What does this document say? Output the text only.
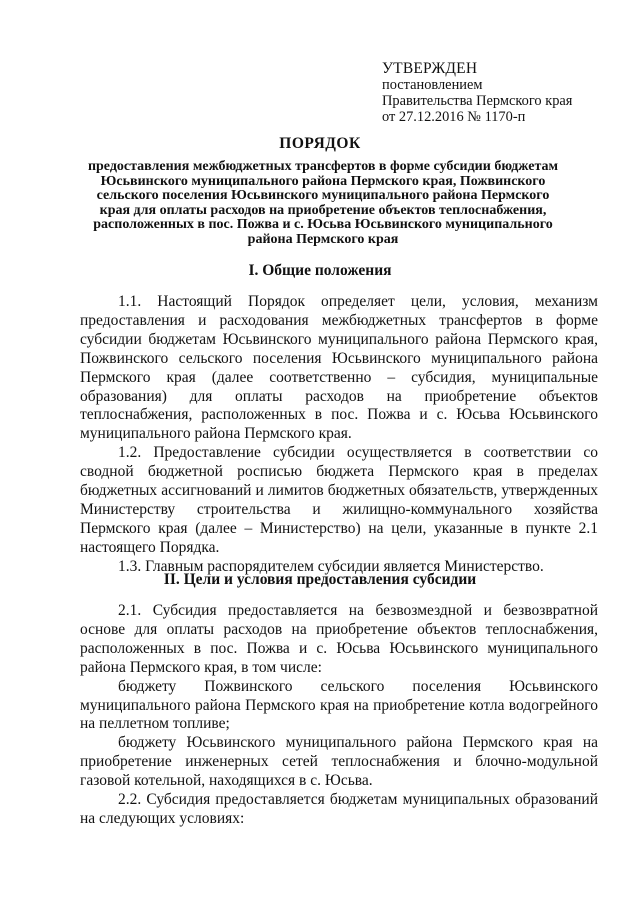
УТВЕРЖДЕН
постановлением
Правительства Пермского края
от 27.12.2016 № 1170-п
ПОРЯДОК
предоставления межбюджетных трансфертов в форме субсидии бюджетам Юсьвинского муниципального района Пермского края, Пожвинского сельского поселения Юсьвинского муниципального района Пермского края для оплаты расходов на приобретение объектов теплоснабжения, расположенных в пос. Пожва и с. Юсьва Юсьвинского муниципального района Пермского края
I. Общие положения

1.1. Настоящий Порядок определяет цели, условия, механизм предоставления и расходования межбюджетных трансфертов в форме субсидии бюджетам Юсьвинского муниципального района Пермского края, Пожвинского сельского поселения Юсьвинского муниципального района Пермского края (далее соответственно – субсидия, муниципальные образования) для оплаты расходов на приобретение объектов теплоснабжения, расположенных в пос. Пожва и с. Юсьва Юсьвинского муниципального района Пермского края.

1.2. Предоставление субсидии осуществляется в соответствии со сводной бюджетной росписью бюджета Пермского края в пределах бюджетных ассигнований и лимитов бюджетных обязательств, утвержденных Министерству строительства и жилищно-коммунального хозяйства Пермского края (далее – Министерство) на цели, указанные в пункте 2.1 настоящего Порядка.

1.3. Главным распорядителем субсидии является Министерство.

II. Цели и условия предоставления субсидии

2.1. Субсидия предоставляется на безвозмездной и безвозвратной основе для оплаты расходов на приобретение объектов теплоснабжения, расположенных в пос. Пожва и с. Юсьва Юсьвинского муниципального района Пермского края, в том числе:

бюджету Пожвинского сельского поселения Юсьвинского муниципального района Пермского края на приобретение котла водогрейного на пеллетном топливе;

бюджету Юсьвинского муниципального района Пермского края на приобретение инженерных сетей теплоснабжения и блочно-модульной газовой котельной, находящихся в с. Юсьва.

2.2. Субсидия предоставляется бюджетам муниципальных образований на следующих условиях:
